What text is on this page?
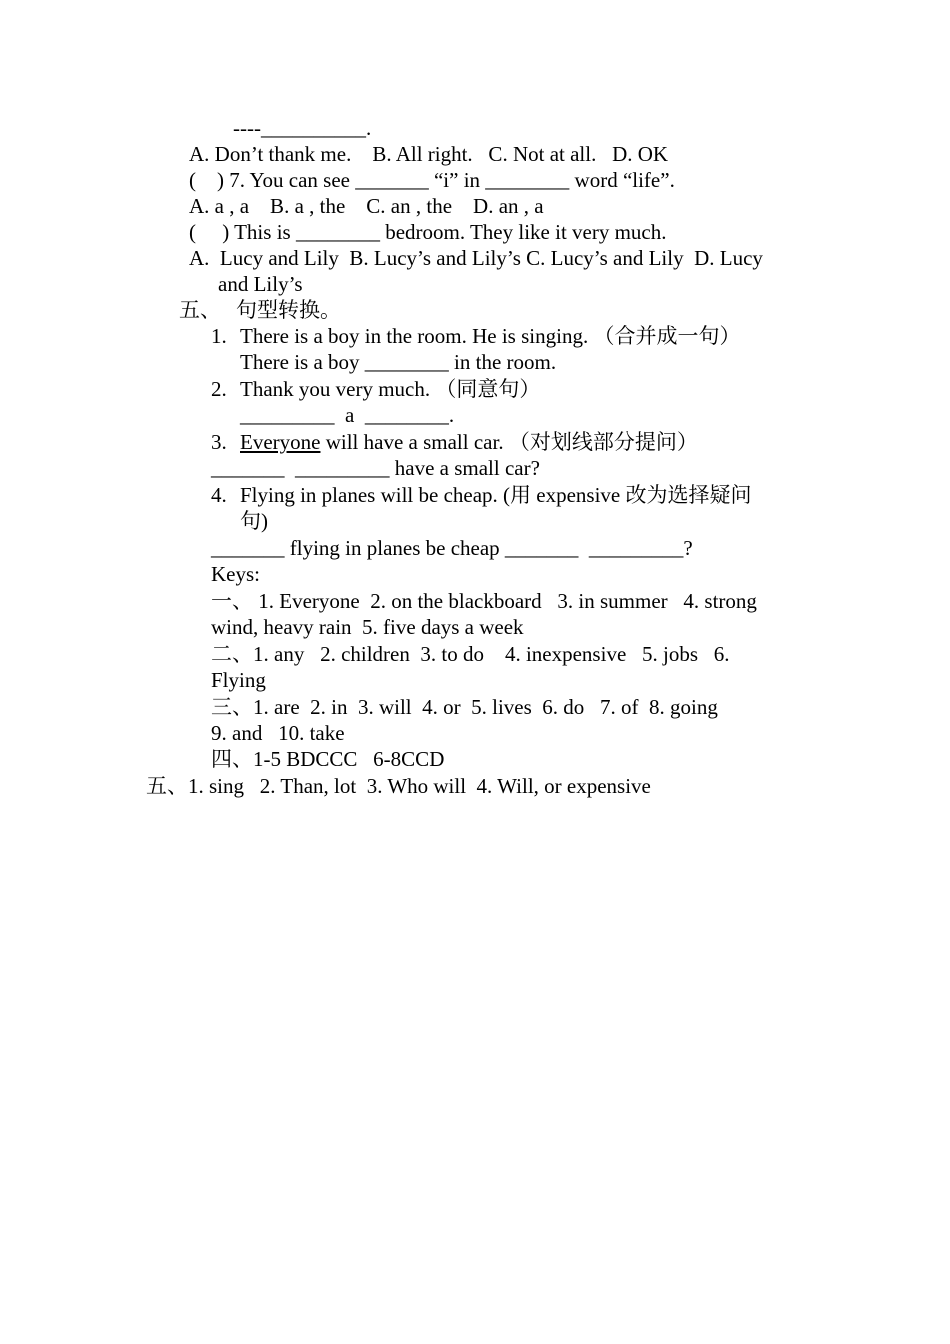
----__________.
A. Don’t thank me.    B. All right.   C. Not at all.   D. OK
(    ) 7. You can see _______ “i” in ________ word “life”.
A. a , a    B. a , the    C. an , the    D. an , a
(     ) This is ________ bedroom. They like it very much.
A.  Lucy and Lily  B. Lucy’s and Lily’s C. Lucy’s and Lily  D. Lucy
and Lily’s
五、 句型转换。
1. There is a boy in the room. He is singing. （合并成一句）
There is a boy ________ in the room.
2. Thank you very much. （同意句）
_________  a  ________.
3. Everyone will have a small car. （对划线部分提问）
_______  _________ have a small car?
4. Flying in planes will be cheap. (用 expensive 改为选择疑问
句)
_______ flying in planes be cheap _______  _________?
Keys:
一、 1. Everyone  2. on the blackboard   3. in summer   4. strong
wind, heavy rain  5. five days a week
二、1. any   2. children  3. to do    4. inexpensive   5. jobs   6.
Flying
三、1. are  2. in  3. will  4. or  5. lives  6. do   7. of  8. going
9. and   10. take
四、1-5 BDCCC   6-8CCD
五、1. sing   2. Than, lot  3. Who will  4. Will, or expensive
